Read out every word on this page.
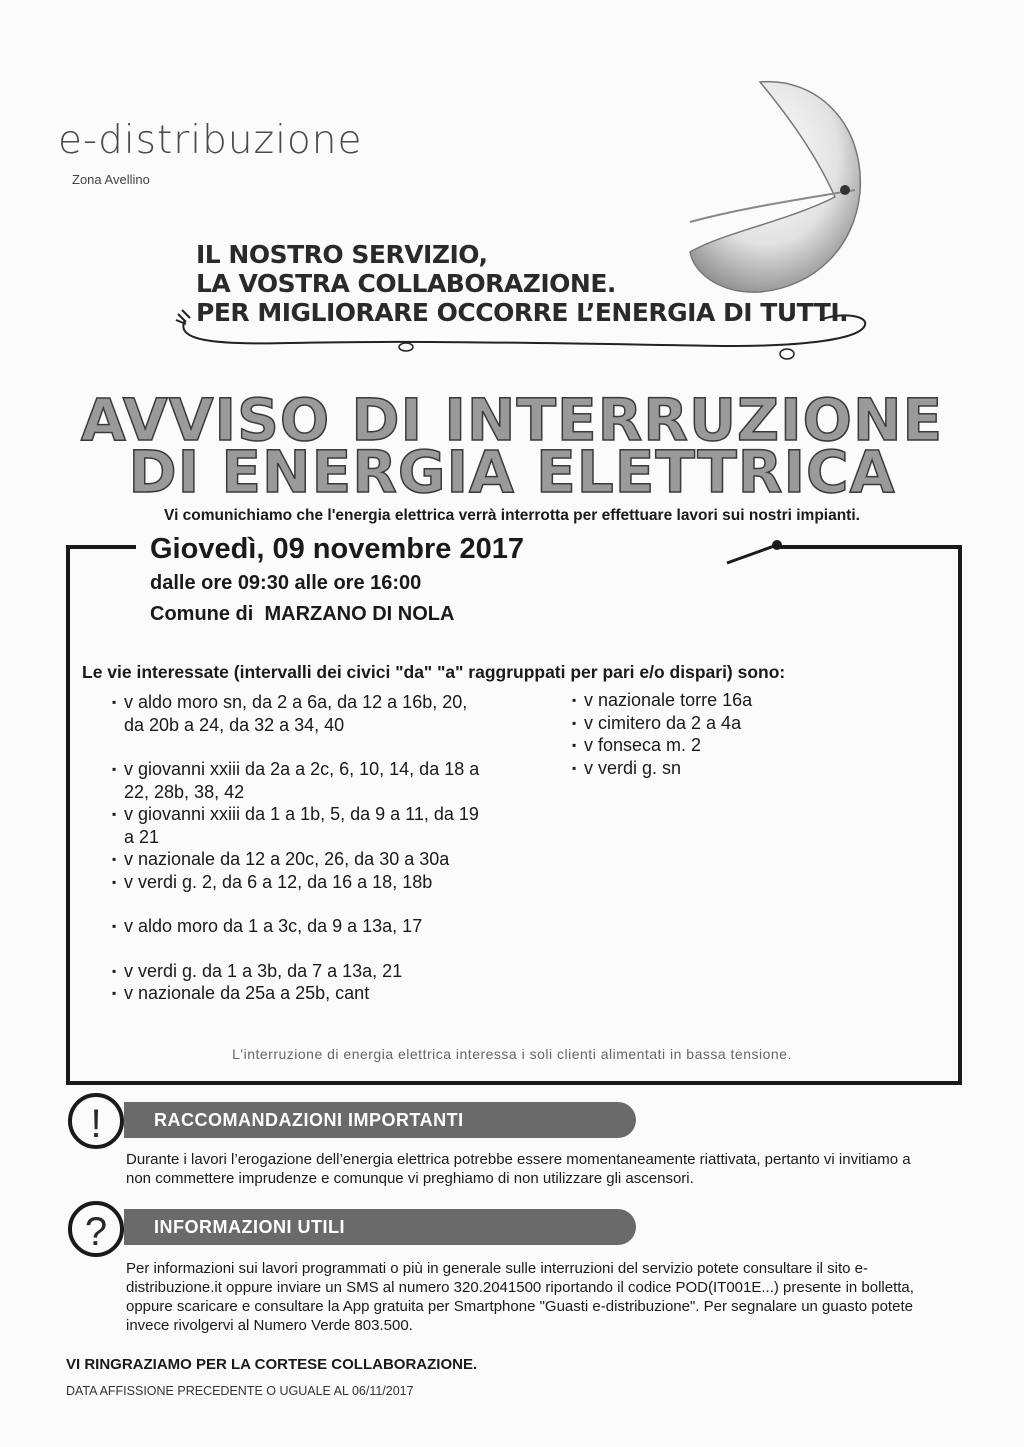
e-distribuzione
Zona Avellino
IL NOSTRO SERVIZIO,
LA VOSTRA COLLABORAZIONE.
PER MIGLIORARE OCCORRE L’ENERGIA DI TUTTI.
AVVISO DI INTERRUZIONE
DI ENERGIA ELETTRICA
Vi comunichiamo che l'energia elettrica verrà interrotta per effettuare lavori sui nostri impianti.
Giovedì, 09 novembre 2017
dalle ore 09:30 alle ore 16:00
Comune di MARZANO DI NOLA
Le vie interessate (intervalli dei civici "da" "a" raggruppati per pari e/o dispari) sono:
▪ v aldo moro sn, da 2 a 6a, da 12 a 16b, 20, da 20b a 24, da 32 a 34, 40
▪ v giovanni xxiii da 2a a 2c, 6, 10, 14, da 18 a 22, 28b, 38, 42
▪ v giovanni xxiii da 1 a 1b, 5, da 9 a 11, da 19 a 21
▪ v nazionale da 12 a 20c, 26, da 30 a 30a
▪ v verdi g. 2, da 6 a 12, da 16 a 18, 18b
▪ v aldo moro da 1 a 3c, da 9 a 13a, 17
▪ v verdi g. da 1 a 3b, da 7 a 13a, 21
▪ v nazionale da 25a a 25b, cant
▪ v nazionale torre 16a
▪ v cimitero da 2 a 4a
▪ v fonseca m. 2
▪ v verdi g. sn
L'interruzione di energia elettrica interessa i soli clienti alimentati in bassa tensione.
RACCOMANDAZIONI IMPORTANTI
!
Durante i lavori l’erogazione dell’energia elettrica potrebbe essere momentaneamente riattivata, pertanto vi invitiamo a non commettere imprudenze e comunque vi preghiamo di non utilizzare gli ascensori.
INFORMAZIONI UTILI
?
Per informazioni sui lavori programmati o più in generale sulle interruzioni del servizio potete consultare il sito e-distribuzione.it oppure inviare un SMS al numero 320.2041500 riportando il codice POD(IT001E...) presente in bolletta, oppure scaricare e consultare la App gratuita per Smartphone "Guasti e-distribuzione". Per segnalare un guasto potete invece rivolgervi al Numero Verde 803.500.
VI RINGRAZIAMO PER LA CORTESE COLLABORAZIONE.
DATA AFFISSIONE PRECEDENTE O UGUALE AL 06/11/2017
